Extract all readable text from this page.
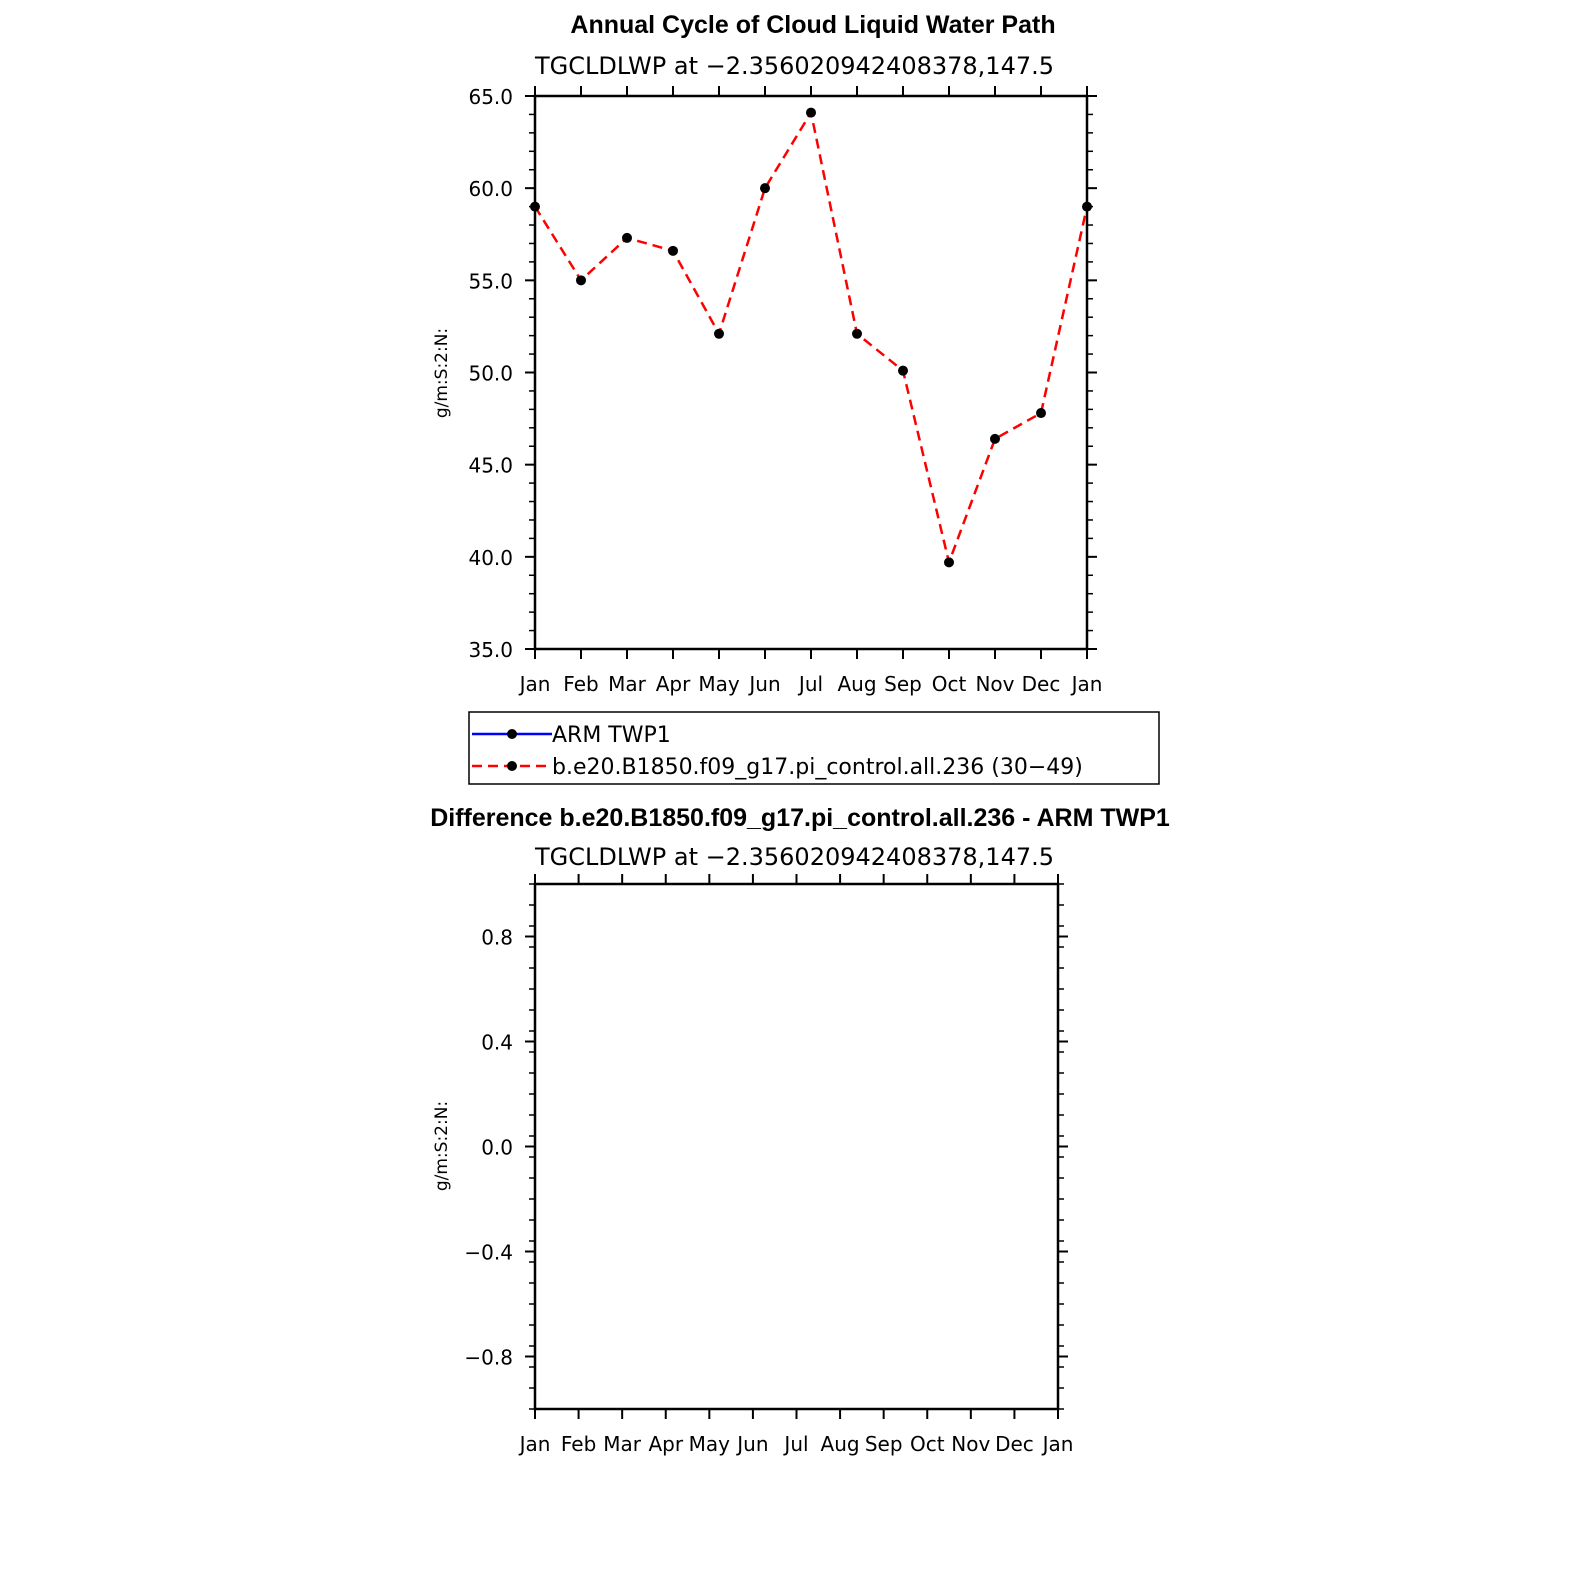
Annual Cycle of Cloud Liquid Water Path
TGCLDLWP at −2.356020942408378,147.5
35.0
40.0
45.0
50.0
55.0
60.0
65.0
Jan Feb Mar Apr May Jun Jul Aug Sep Oct Nov Dec Jan
g/m:S:2:N:
ARM TWP1
b.e20.B1850.f09_g17.pi_control.all.236 (30−49)
Difference b.e20.B1850.f09_g17.pi_control.all.236 - ARM TWP1
TGCLDLWP at −2.356020942408378,147.5
−0.8
−0.4
0.0
0.4
0.8
Jan Feb Mar Apr May Jun Jul Aug Sep Oct Nov Dec Jan
g/m:S:2:N:
